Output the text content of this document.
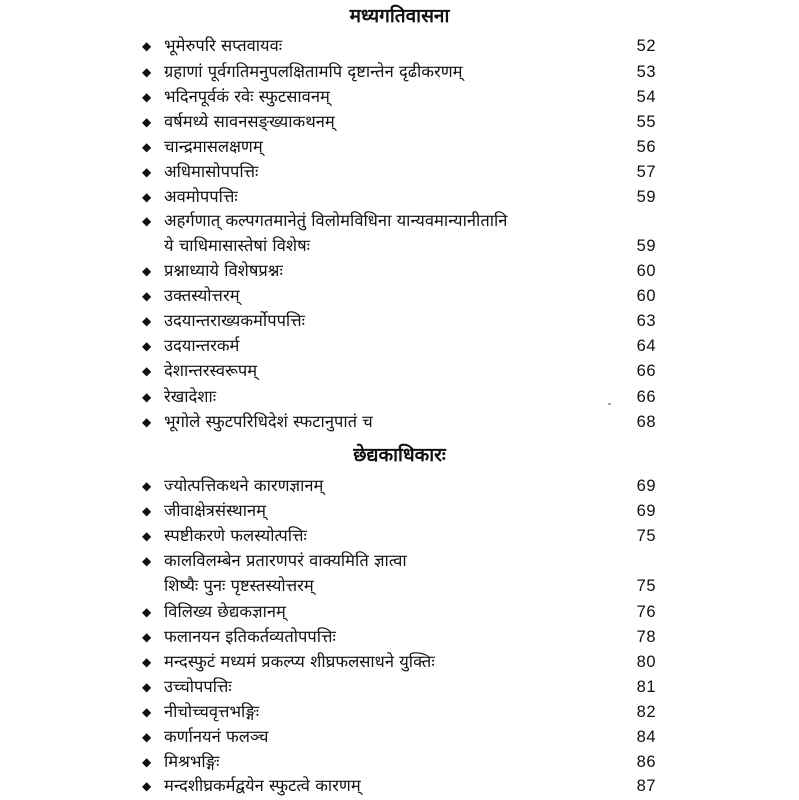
मध्यगतिवासना
◆ भूमेरुपरि सप्तवायवः	52
◆ ग्रहाणां पूर्वगतिमनुपलक्षितामपि दृष्टान्तेन दृढीकरणम्	53
◆ भदिनपूर्वकं रवेः स्फुटसावनम्	54
◆ वर्षमध्ये सावनसङ्ख्याकथनम्	55
◆ चान्द्रमासलक्षणम्	56
◆ अधिमासोपपत्तिः	57
◆ अवमोपपत्तिः	59
◆ अहर्गणात् कल्पगतमानेतुं विलोमविधिना यान्यवमान्यानीतानि
ये चाधिमासास्तेषां विशेषः	59
◆ प्रश्नाध्याये विशेषप्रश्नः	60
◆ उक्तस्योत्तरम्	60
◆ उदयान्तराख्यकर्मोपपत्तिः	63
◆ उदयान्तरकर्म	64
◆ देशान्तरस्वरूपम्	66
◆ रेखादेशाः	66
◆ भूगोले स्फुटपरिधिदेशं स्फटानुपातं च	68
छेद्यकाधिकारः
◆ ज्योत्पत्तिकथने कारणज्ञानम्	69
◆ जीवाक्षेत्रसंस्थानम्	69
◆ स्पष्टीकरणे फलस्योत्पत्तिः	75
◆ कालविलम्बेन प्रतारणपरं वाक्यमिति ज्ञात्वा
शिष्यैः पुनः पृष्टस्तस्योत्तरम्	75
◆ विलिख्य छेद्यकज्ञानम्	76
◆ फलानयन इतिकर्तव्यतोपपत्तिः	78
◆ मन्दस्फुटं मध्यमं प्रकल्प्य शीघ्रफलसाधने युक्तिः	80
◆ उच्चोपपत्तिः	81
◆ नीचोच्चवृत्तभङ्गिः	82
◆ कर्णानयनं फलञ्च	84
◆ मिश्रभङ्गिः	86
◆ मन्दशीघ्रकर्मद्वयेन स्फुटत्वे कारणम्	87
